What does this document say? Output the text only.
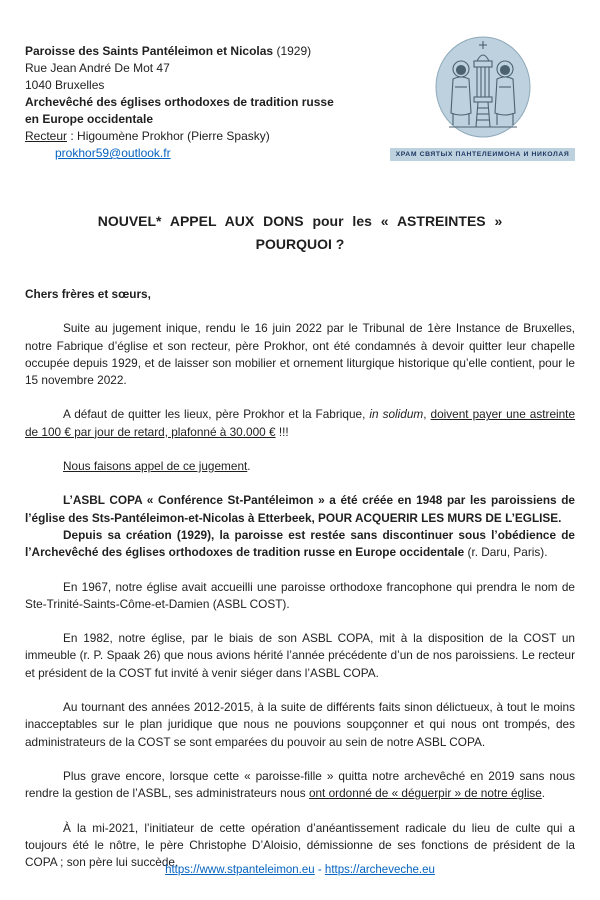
Paroisse des Saints Pantéleimon et Nicolas (1929)
Rue Jean André De Mot 47
1040 Bruxelles
Archevêché des églises orthodoxes de tradition russe
en Europe occidentale
Recteur : Higoumène Prokhor (Pierre Spasky)
prokhor59@outlook.fr	ХРАМ СВЯТЫХ ПАНТЕЛЕИМОНА И НИКОЛАЯ
NOUVEL* APPEL AUX DONS pour les « ASTREINTES »
POURQUOI ?

Chers frères et sœurs,

Suite au jugement inique, rendu le 16 juin 2022 par le Tribunal de 1ère Instance de Bruxelles, notre Fabrique d’église et son recteur, père Prokhor, ont été condamnés à devoir quitter leur chapelle occupée depuis 1929, et de laisser son mobilier et ornement liturgique historique qu’elle contient, pour le 15 novembre 2022.

A défaut de quitter les lieux, père Prokhor et la Fabrique, in solidum, doivent payer une astreinte de 100 € par jour de retard, plafonné à 30.000 € !!!

Nous faisons appel de ce jugement.

L’ASBL COPA « Conférence St-Pantéleimon » a été créée en 1948 par les paroissiens de l’église des Sts-Pantéleimon-et-Nicolas à Etterbeek, POUR ACQUERIR LES MURS DE L’EGLISE.

Depuis sa création (1929), la paroisse est restée sans discontinuer sous l’obédience de l’Archevêché des églises orthodoxes de tradition russe en Europe occidentale (r. Daru, Paris).

En 1967, notre église avait accueilli une paroisse orthodoxe francophone qui prendra le nom de Ste-Trinité-Saints-Côme-et-Damien (ASBL COST).

En 1982, notre église, par le biais de son ASBL COPA, mit à la disposition de la COST un immeuble (r. P. Spaak 26) que nous avions hérité l’année précédente d’un de nos paroissiens. Le recteur et président de la COST fut invité à venir siéger dans l’ASBL COPA.

Au tournant des années 2012-2015, à la suite de différents faits sinon délictueux, à tout le moins inacceptables sur le plan juridique que nous ne pouvions soupçonner et qui nous ont trompés, des administrateurs de la COST se sont emparées du pouvoir au sein de notre ASBL COPA.

Plus grave encore, lorsque cette « paroisse-fille » quitta notre archevêché en 2019 sans nous rendre la gestion de l’ASBL, ses administrateurs nous ont ordonné de « déguerpir » de notre église.

À la mi-2021, l’initiateur de cette opération d’anéantissement radicale du lieu de culte qui a toujours été le nôtre, le père Christophe D’Aloisio, démissionne de ses fonctions de président de la COPA ; son père lui succède.

https://www.stpanteleimon.eu - https://archeveche.eu
